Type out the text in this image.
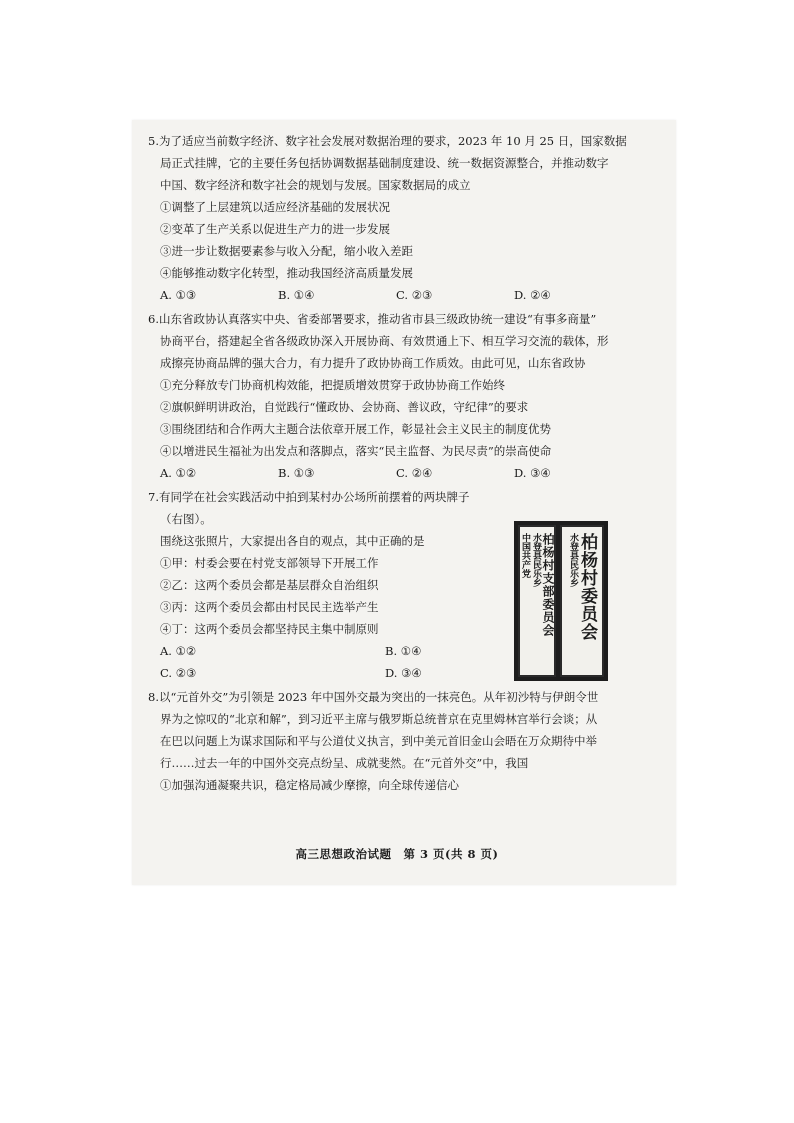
5.为了适应当前数字经济、数字社会发展对数据治理的要求，2023 年 10 月 25 日，国家数据
局正式挂牌，它的主要任务包括协调数据基础制度建设、统一数据资源整合，并推动数字
中国、数字经济和数字社会的规划与发展。国家数据局的成立
①调整了上层建筑以适应经济基础的发展状况
②变革了生产关系以促进生产力的进一步发展
③进一步让数据要素参与收入分配，缩小收入差距
④能够推动数字化转型，推动我国经济高质量发展
A. ①③	B. ①④	C. ②③	D. ②④
6.山东省政协认真落实中央、省委部署要求，推动省市县三级政协统一建设“有事多商量”
协商平台，搭建起全省各级政协深入开展协商、有效贯通上下、相互学习交流的载体，形
成擦亮协商品牌的强大合力，有力提升了政协协商工作质效。由此可见，山东省政协
①充分释放专门协商机构效能，把提质增效贯穿于政协协商工作始终
②旗帜鲜明讲政治，自觉践行“懂政协、会协商、善议政，守纪律”的要求
③围绕团结和合作两大主题合法依章开展工作，彰显社会主义民主的制度优势
④以增进民生福祉为出发点和落脚点，落实“民主监督、为民尽责”的崇高使命
A. ①②	B. ①③	C. ②④	D. ③④
7.有同学在社会实践活动中拍到某村办公场所前摆着的两块牌子
（右图）。
围绕这张照片，大家提出各自的观点，其中正确的是
①甲：村委会要在村党支部领导下开展工作
②乙：这两个委员会都是基层群众自治组织
③丙：这两个委员会都由村民民主选举产生
④丁：这两个委员会都坚持民主集中制原则
A. ①②	B. ①④
C. ②③	D. ③④
8.以“元首外交”为引领是 2023 年中国外交最为突出的一抹亮色。从年初沙特与伊朗令世
界为之惊叹的“北京和解”，到习近平主席与俄罗斯总统普京在克里姆林宫举行会谈；从
在巴以问题上为谋求国际和平与公道仗义执言，到中美元首旧金山会晤在万众期待中举
行……过去一年的中国外交亮点纷呈、成就斐然。在“元首外交”中，我国
①加强沟通凝聚共识，稳定格局减少摩擦，向全球传递信心
中国共产党 水登县民乐乡 柏杨村支部委员会 水登县民乐乡 柏杨村委员会
高三思想政治试题　第 3 页(共 8 页)
